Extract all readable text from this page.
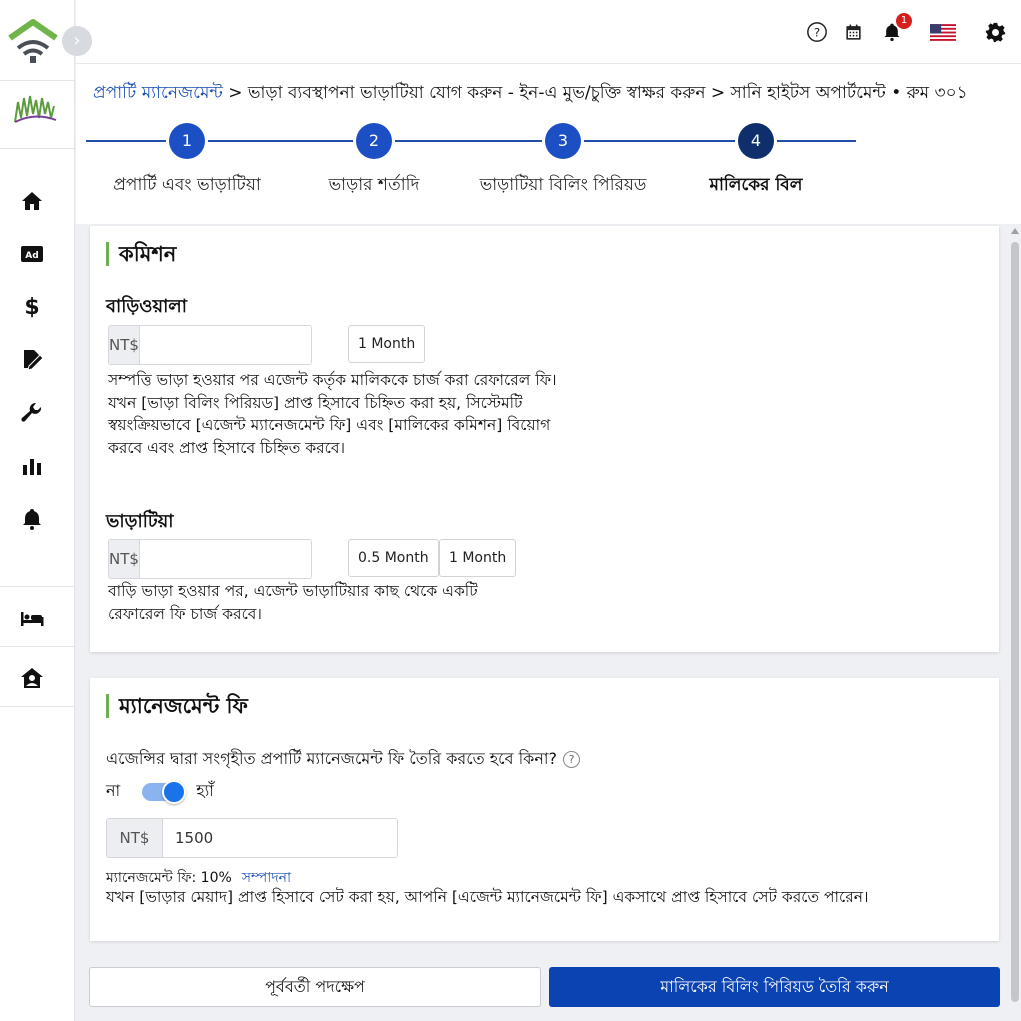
Ad
$
›	?
1
প্রপার্টি ম্যানেজমেন্ট > ভাড়া ব্যবস্থাপনা ভাড়াটিয়া যোগ করুন - ইন-এ মুভ/চুক্তি স্বাক্ষর করুন > সানি হাইটস অপার্টমেন্ট • রুম ৩০১
1	2	3	4
প্রপার্টি এবং ভাড়াটিয়া	ভাড়ার শর্তাদি	ভাড়াটিয়া বিলিং পিরিয়ড	মালিকের বিল
কমিশন
বাড়িওয়ালা
NT$	1 Month
সম্পত্তি ভাড়া হওয়ার পর এজেন্ট কর্তৃক মালিককে চার্জ করা রেফারেল ফি। যখন [ভাড়া বিলিং পিরিয়ড] প্রাপ্ত হিসাবে চিহ্নিত করা হয়, সিস্টেমটি স্বয়ংক্রিয়ভাবে [এজেন্ট ম্যানেজমেন্ট ফি] এবং [মালিকের কমিশন] বিয়োগ করবে এবং প্রাপ্ত হিসাবে চিহ্নিত করবে।
ভাড়াটিয়া
NT$	0.5 Month	1 Month
বাড়ি ভাড়া হওয়ার পর, এজেন্ট ভাড়াটিয়ার কাছ থেকে একটি রেফারেল ফি চার্জ করবে।
ম্যানেজমেন্ট ফি
এজেন্সির দ্বারা সংগৃহীত প্রপার্টি ম্যানেজমেন্ট ফি তৈরি করতে হবে কিনা?	?
না	হ্যাঁ
NT$
1500
ম্যানেজমেন্ট ফি: 10% সম্পাদনা
যখন [ভাড়ার মেয়াদ] প্রাপ্ত হিসাবে সেট করা হয়, আপনি [এজেন্ট ম্যানেজমেন্ট ফি] একসাথে প্রাপ্ত হিসাবে সেট করতে পারেন।
পূর্ববর্তী পদক্ষেপ	মালিকের বিলিং পিরিয়ড তৈরি করুন
